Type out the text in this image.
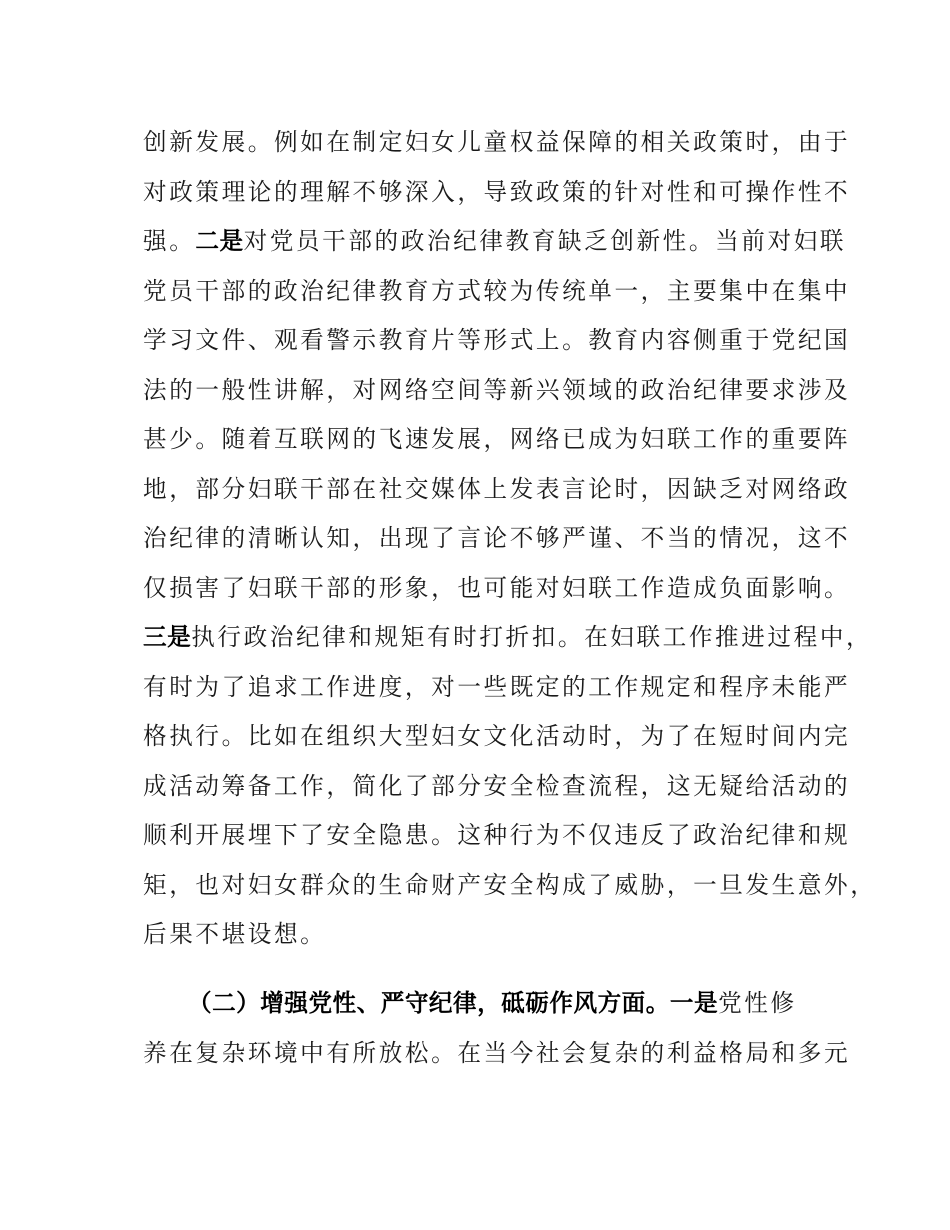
创新发展。例如在制定妇女儿童权益保障的相关政策时，由于
对政策理论的理解不够深入，导致政策的针对性和可操作性不
强。二是对党员干部的政治纪律教育缺乏创新性。当前对妇联
党员干部的政治纪律教育方式较为传统单一，主要集中在集中
学习文件、观看警示教育片等形式上。教育内容侧重于党纪国
法的一般性讲解，对网络空间等新兴领域的政治纪律要求涉及
甚少。随着互联网的飞速发展，网络已成为妇联工作的重要阵
地，部分妇联干部在社交媒体上发表言论时，因缺乏对网络政
治纪律的清晰认知，出现了言论不够严谨、不当的情况，这不
仅损害了妇联干部的形象，也可能对妇联工作造成负面影响。
三是执行政治纪律和规矩有时打折扣。在妇联工作推进过程中，
有时为了追求工作进度，对一些既定的工作规定和程序未能严
格执行。比如在组织大型妇女文化活动时，为了在短时间内完
成活动筹备工作，简化了部分安全检查流程，这无疑给活动的
顺利开展埋下了安全隐患。这种行为不仅违反了政治纪律和规
矩，也对妇女群众的生命财产安全构成了威胁，一旦发生意外，
后果不堪设想。
（二）增强党性、严守纪律，砥砺作风方面。一是党性修
养在复杂环境中有所放松。在当今社会复杂的利益格局和多元
